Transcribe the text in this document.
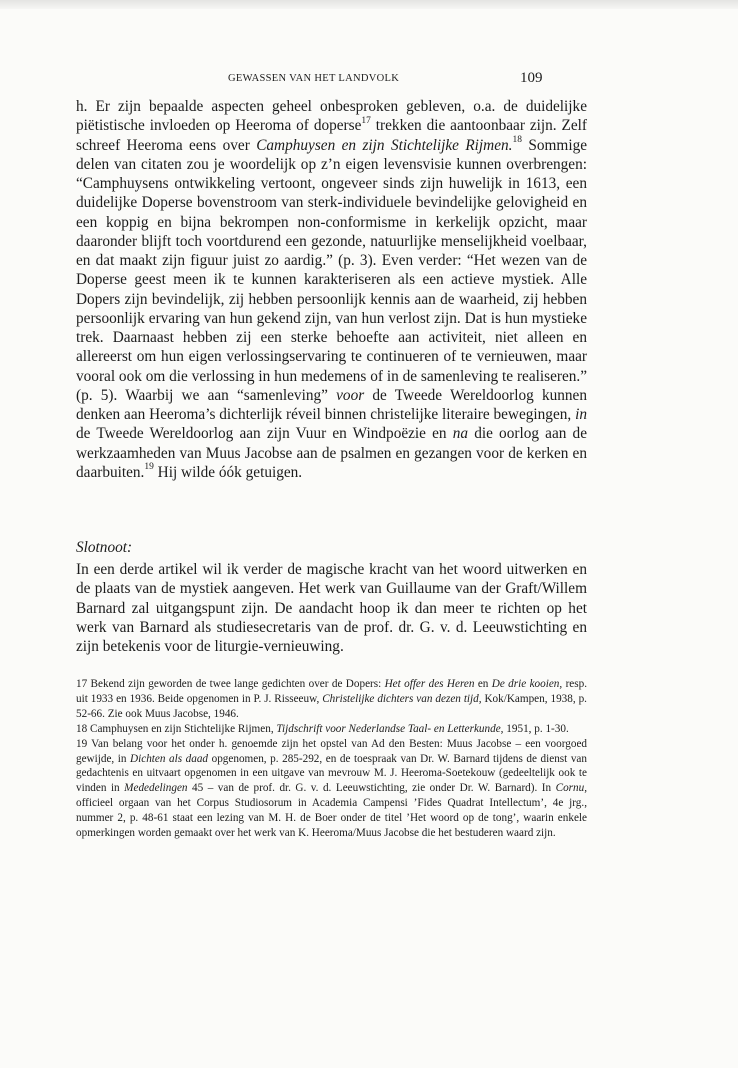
GEWASSEN VAN HET LANDVOLK	109

h. Er zijn bepaalde aspecten geheel onbesproken gebleven, o.a. de duidelijke piëtistische invloeden op Heeroma of doperse$^{17}$ trekken die aantoonbaar zijn. Zelf schreef Heeroma eens over Camphuysen en zijn Stichtelijke Rijmen.$^{18}$ Sommige delen van citaten zou je woordelijk op z’n eigen levensvisie kunnen overbrengen: “Camphuysens ontwikkeling vertoont, ongeveer sinds zijn huwelijk in 1613, een duidelijke Doperse bovenstroom van sterk-individuele bevindelijke gelovigheid en een koppig en bijna bekrompen non-conformisme in kerkelijk opzicht, maar daaronder blijft toch voortdurend een gezonde, natuurlijke menselijkheid voelbaar, en dat maakt zijn figuur juist zo aardig.” (p. 3). Even verder: “Het wezen van de Doperse geest meen ik te kunnen karakteriseren als een actieve mystiek. Alle Dopers zijn bevindelijk, zij hebben persoonlijk kennis aan de waarheid, zij hebben persoonlijk ervaring van hun gekend zijn, van hun verlost zijn. Dat is hun mystieke trek. Daarnaast hebben zij een sterke behoefte aan activiteit, niet alleen en allereerst om hun eigen verlossingservaring te continueren of te vernieuwen, maar vooral ook om die verlossing in hun medemens of in de samenleving te realiseren.” (p. 5). Waarbij we aan “samenleving” voor de Tweede Wereldoorlog kunnen denken aan Heeroma’s dichterlijk réveil binnen christelijke literaire bewegingen, in de Tweede Wereldoorlog aan zijn Vuur en Windpoëzie en na die oorlog aan de werkzaamheden van Muus Jacobse aan de psalmen en gezangen voor de kerken en daarbuiten.$^{19}$ Hij wilde óók getuigen.

Slotnoot:

In een derde artikel wil ik verder de magische kracht van het woord uitwerken en de plaats van de mystiek aangeven. Het werk van Guillaume van der Graft/Willem Barnard zal uitgangspunt zijn. De aandacht hoop ik dan meer te richten op het werk van Barnard als studiesecretaris van de prof. dr. G. v. d. Leeuwstichting en zijn betekenis voor de liturgie-vernieuwing.

17 Bekend zijn geworden de twee lange gedichten over de Dopers: Het offer des Heren en De drie kooien, resp. uit 1933 en 1936. Beide opgenomen in P. J. Risseeuw, Christelijke dichters van dezen tijd, Kok/Kampen, 1938, p. 52-66. Zie ook Muus Jacobse, 1946.

18 Camphuysen en zijn Stichtelijke Rijmen, Tijdschrift voor Nederlandse Taal- en Letterkunde, 1951, p. 1-30.

19 Van belang voor het onder h. genoemde zijn het opstel van Ad den Besten: Muus Jacobse – een voorgoed gewijde, in Dichten als daad opgenomen, p. 285-292, en de toespraak van Dr. W. Barnard tijdens de dienst van gedachtenis en uitvaart opgenomen in een uitgave van mevrouw M. J. Heeroma-Soetekouw (gedeeltelijk ook te vinden in Mededelingen 45 – van de prof. dr. G. v. d. Leeuwstichting, zie onder Dr. W. Barnard). In Cornu, officieel orgaan van het Corpus Studiosorum in Academia Campensi ’Fides Quadrat Intellectum’, 4e jrg., nummer 2, p. 48-61 staat een lezing van M. H. de Boer onder de titel ’Het woord op de tong’, waarin enkele opmerkingen worden gemaakt over het werk van K. Heeroma/Muus Jacobse die het bestuderen waard zijn.
